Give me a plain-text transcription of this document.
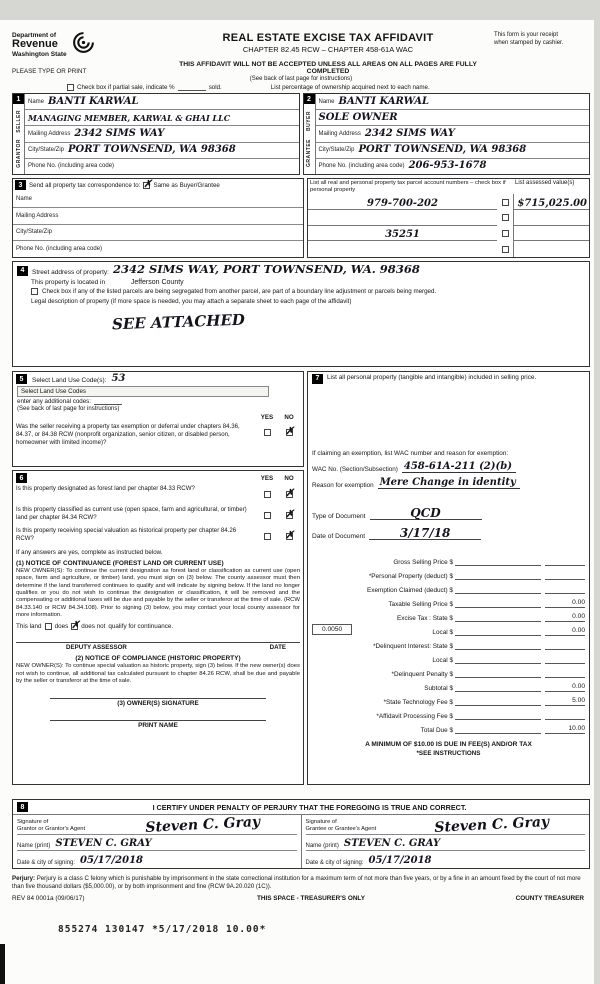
Department of
Revenue
Washington State
REAL ESTATE EXCISE TAX AFFIDAVIT
CHAPTER 82.45 RCW – CHAPTER 458-61A WAC
This form is your receipt
when stamped by cashier.
PLEASE TYPE OR PRINT
THIS AFFIDAVIT WILL NOT BE ACCEPTED UNLESS ALL AREAS ON ALL PAGES ARE FULLY COMPLETED
(See back of last page for instructions)
Check box if partial sale, indicate %	sold.	List percentage of ownership acquired next to each name.
1
SELLER
GRANTOR
Name BANTI KARWAL
MANAGING MEMBER, KARWAL & GHAI LLC
Mailing Address 2342 SIMS WAY
City/State/Zip PORT TOWNSEND, WA 98368
Phone No. (including area code)
2
BUYER
GRANTEE
Name BANTI KARWAL
SOLE OWNER
Mailing Address 2342 SIMS WAY
City/State/Zip PORT TOWNSEND, WA 98368
Phone No. (including area code) 206-953-1678
3	Send all property tax correspondence to: ✗ Same as Buyer/Grantee
Name
Mailing Address
City/State/Zip
Phone No. (including area code)
List all real and personal property tax parcel account numbers – check box if personal property
List assessed value(s)
979-700-202	$715,025.00
35251
4	Street address of property: 2342 SIMS WAY, PORT TOWNSEND, WA. 98368
This property is located in	Jefferson County
Check box if any of the listed parcels are being segregated from another parcel, are part of a boundary line adjustment or parcels being merged.
Legal description of property (if more space is needed, you may attach a separate sheet to each page of the affidavit)
SEE ATTACHED
5	Select Land Use Code(s): 53
Select Land Use Codes
enter any additional codes:
(See back of last page for instructions)
YES	NO
Was the seller receiving a property tax exemption or deferral under chapters 84.36, 84.37, or 84.38 RCW (nonprofit organization, senior citizen, or disabled person, homeowner with limited income)?
✗
6	YES	NO
Is this property designated as forest land per chapter 84.33 RCW?	✗
Is this property classified as current use (open space, farm and agricultural, or timber) land per chapter 84.34 RCW?	✗
Is this property receiving special valuation as historical property per chapter 84.26 RCW?	✗
If any answers are yes, complete as instructed below.
(1) NOTICE OF CONTINUANCE (FOREST LAND OR CURRENT USE)
NEW OWNER(S): To continue the current designation as forest land or classification as current use (open space, farm and agriculture, or timber) land, you must sign on (3) below. The county assessor must then determine if the land transferred continues to qualify and will indicate by signing below. If the land no longer qualifies or you do not wish to continue the designation or classification, it will be removed and the compensating or additional taxes will be due and payable by the seller or transferor at the time of sale. (RCW 84.33.140 or RCW 84.34.108). Prior to signing (3) below, you may contact your local county assessor for more information.
This land does ✗ does not qualify for continuance.
DEPUTY ASSESSOR	DATE
(2) NOTICE OF COMPLIANCE (HISTORIC PROPERTY)
NEW OWNER(S): To continue special valuation as historic property, sign (3) below. If the new owner(s) does not wish to continue, all additional tax calculated pursuant to chapter 84.26 RCW, shall be due and payable by the seller or transferor at the time of sale.
(3) OWNER(S) SIGNATURE
PRINT NAME
7	List all personal property (tangible and intangible) included in selling price.
If claiming an exemption, list WAC number and reason for exemption:
WAC No. (Section/Subsection) 458-61A-211 (2)(b)
Reason for exemption Mere Change in identity
Type of Document	QCD
Date of Document	3/17/18
Gross Selling Price $
*Personal Property (deduct) $
Exemption Claimed (deduct) $
Taxable Selling Price $	0.00
Excise Tax : State $	0.00
0.0050	Local $	0.00
*Delinquent Interest: State $
Local $
*Delinquent Penalty $
Subtotal $	0.00
*State Technology Fee $	5.00
*Affidavit Processing Fee $
Total Due $	10.00
A MINIMUM OF $10.00 IS DUE IN FEE(S) AND/OR TAX
*SEE INSTRUCTIONS
8	I CERTIFY UNDER PENALTY OF PERJURY THAT THE FOREGOING IS TRUE AND CORRECT.
Signature of
Grantor or Grantor's Agent	Steven C. Gray
Name (print) STEVEN C. GRAY
Date & city of signing: 05/17/2018
Signature of
Grantee or Grantee's Agent	Steven C. Gray
Name (print) STEVEN C. GRAY
Date & city of signing: 05/17/2018
Perjury: Perjury is a class C felony which is punishable by imprisonment in the state correctional institution for a maximum term of not more than five years, or by a fine in an amount fixed by the court of not more than five thousand dollars ($5,000.00), or by both imprisonment and fine (RCW 9A.20.020 (1C)).
REV 84 0001a (09/06/17)	THIS SPACE - TREASURER'S ONLY	COUNTY TREASURER
855274 130147 *5/17/2018 10.00*
